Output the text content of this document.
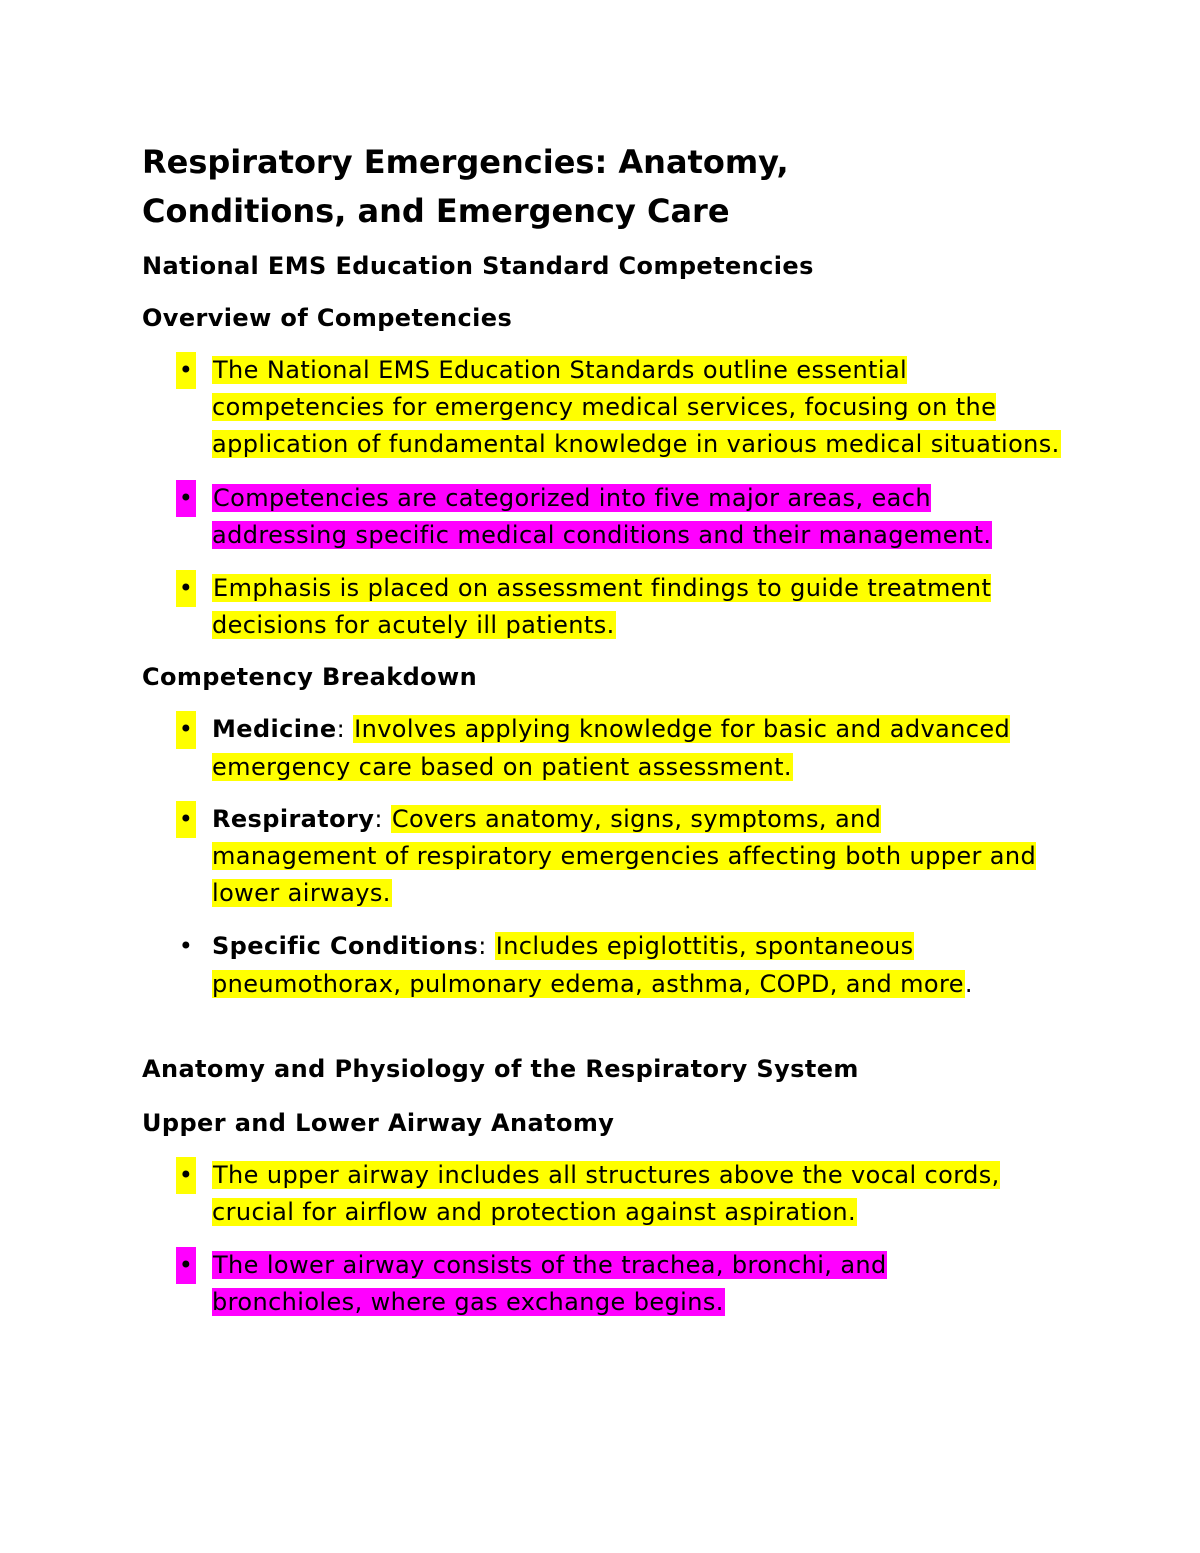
Respiratory Emergencies: Anatomy, Conditions, and Emergency Care
National EMS Education Standard Competencies
Overview of Competencies
• The National EMS Education Standards outline essential competencies for emergency medical services, focusing on the application of fundamental knowledge in various medical situations.
• Competencies are categorized into five major areas, each addressing specific medical conditions and their management.
• Emphasis is placed on assessment findings to guide treatment decisions for acutely ill patients.
Competency Breakdown
• Medicine: Involves applying knowledge for basic and advanced emergency care based on patient assessment.
• Respiratory: Covers anatomy, signs, symptoms, and management of respiratory emergencies affecting both upper and lower airways.
• Specific Conditions: Includes epiglottitis, spontaneous pneumothorax, pulmonary edema, asthma, COPD, and more.
Anatomy and Physiology of the Respiratory System
Upper and Lower Airway Anatomy
• The upper airway includes all structures above the vocal cords, crucial for airflow and protection against aspiration.
• The lower airway consists of the trachea, bronchi, and bronchioles, where gas exchange begins.
